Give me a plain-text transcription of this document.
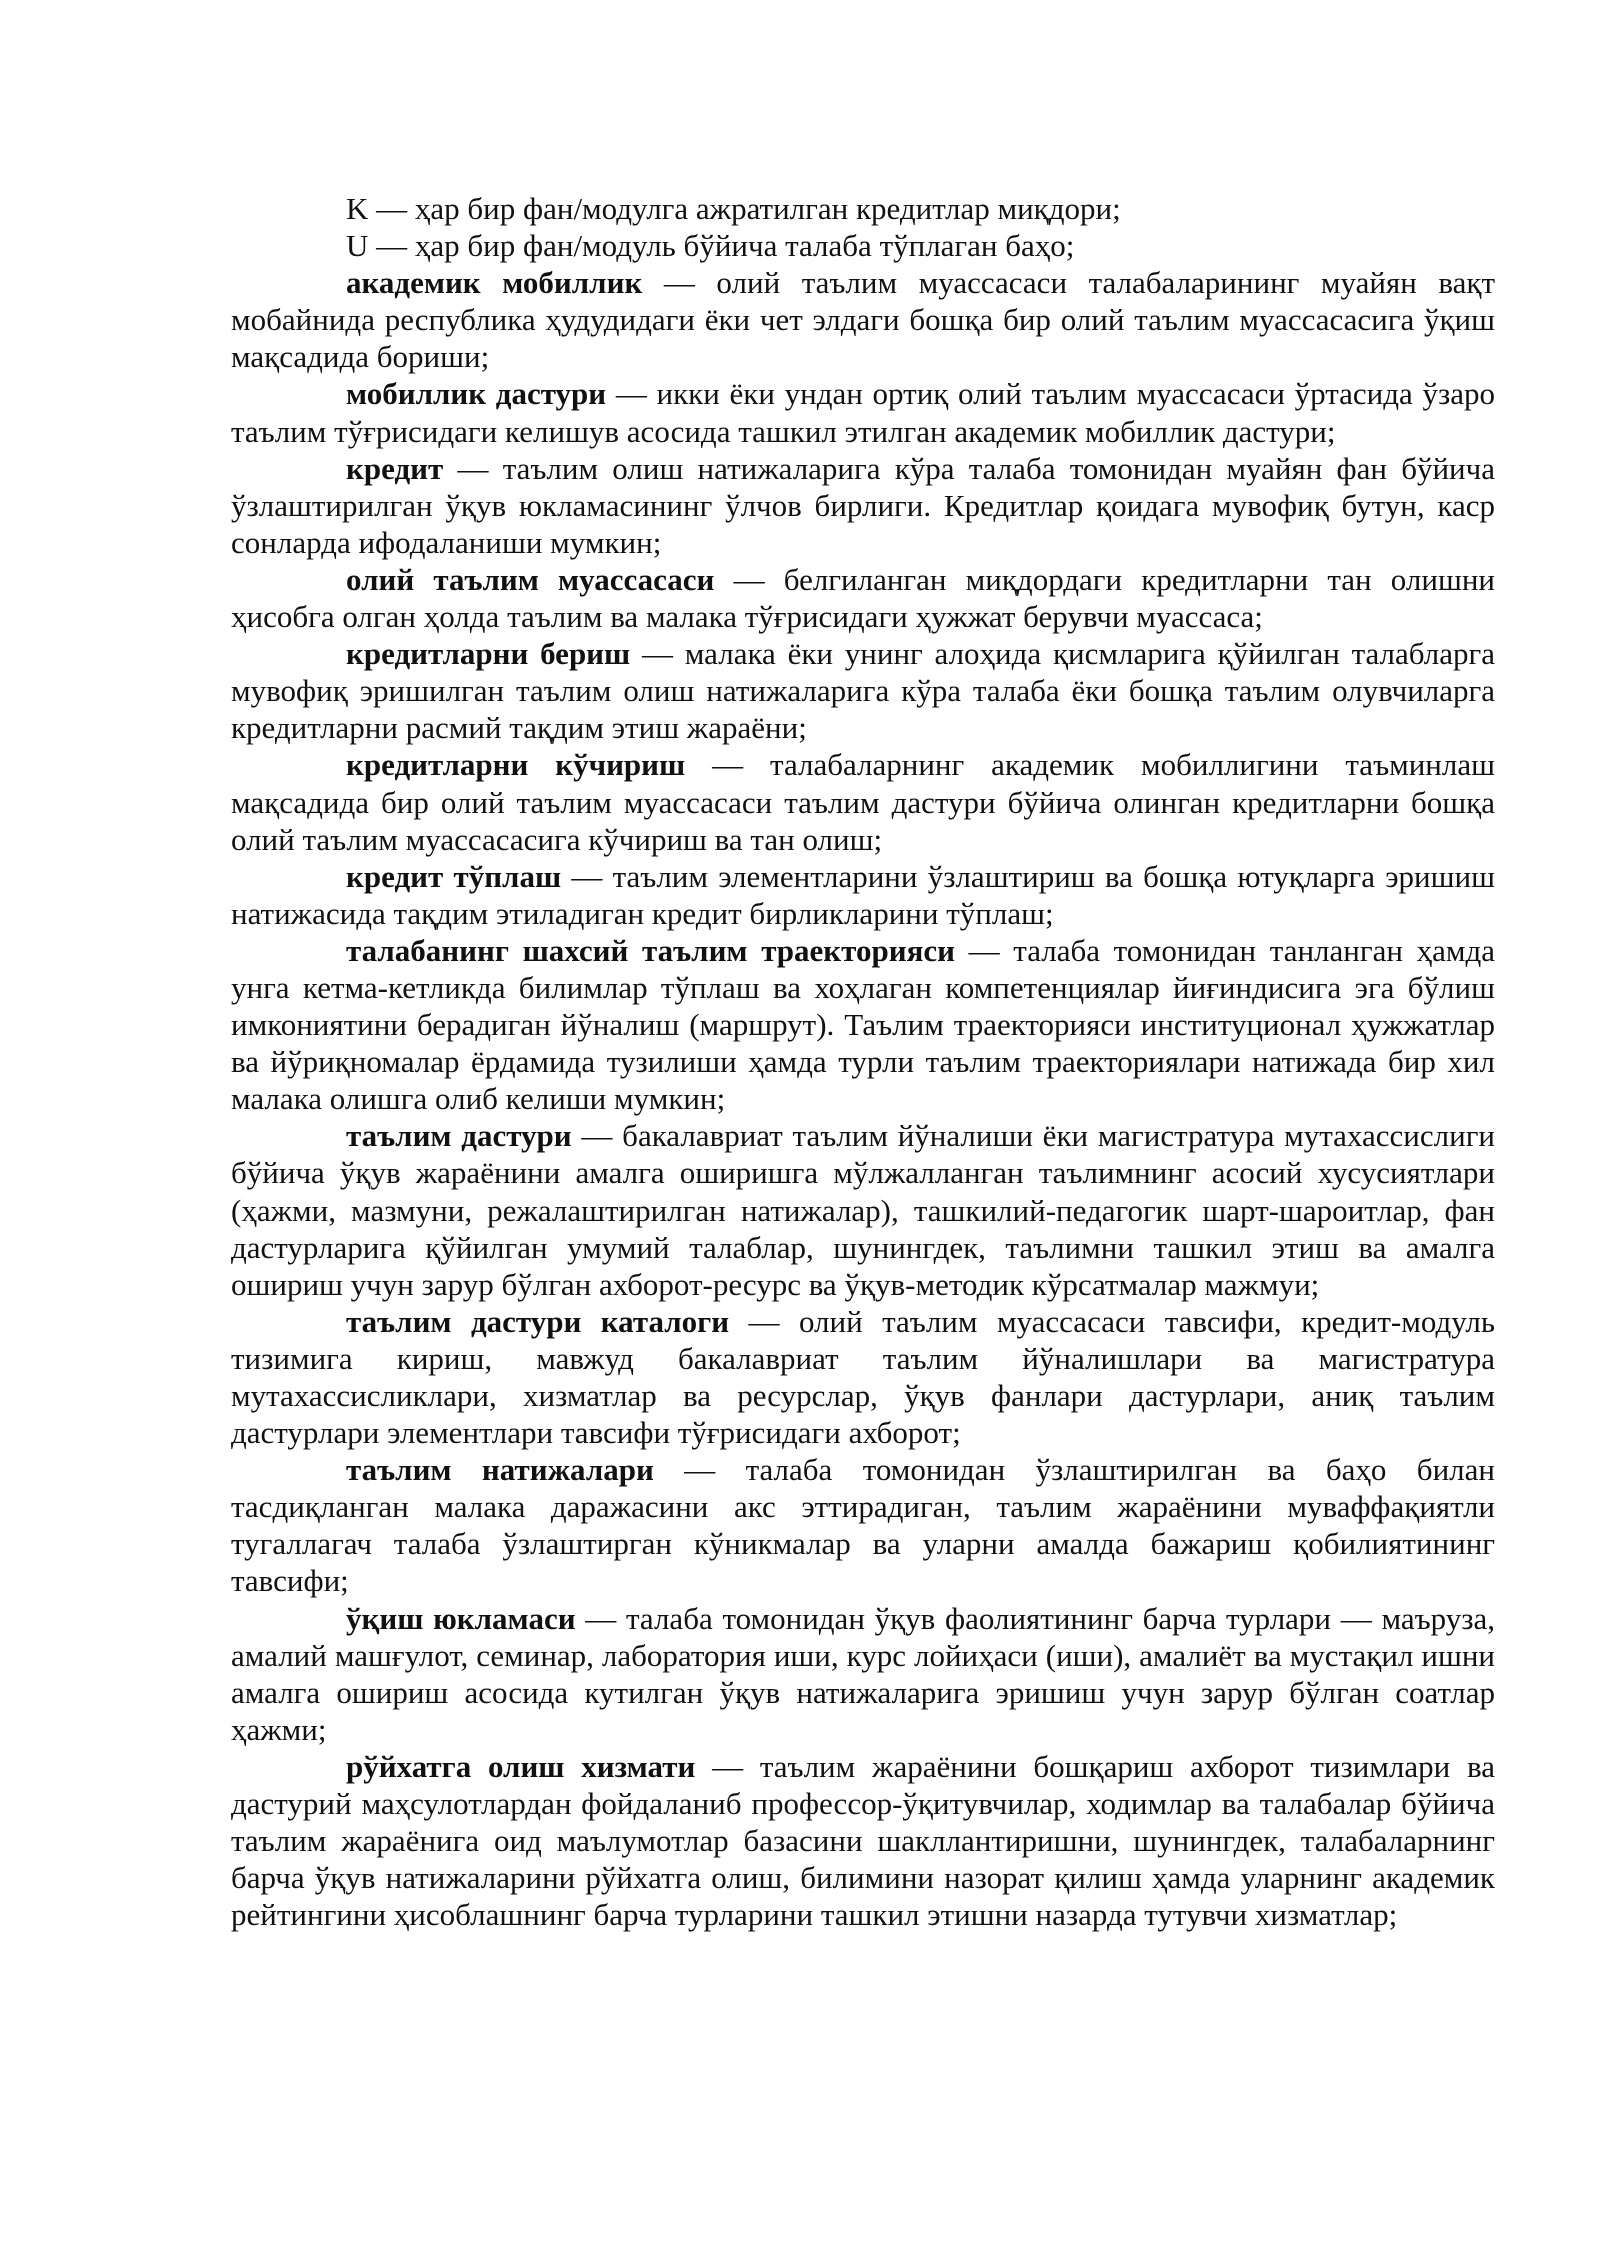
K — ҳар бир фан/модулга ажратилган кредитлар миқдори;

U — ҳар бир фан/модуль бўйича талаба тўплаган баҳо;

академик мобиллик — олий таълим муассасаси талабаларининг муайян вақт мобайнида республика ҳудудидаги ёки чет элдаги бошқа бир олий таълим муассасасига ўқиш мақсадида бориши;

мобиллик дастури — икки ёки ундан ортиқ олий таълим муассасаси ўртасида ўзаро таълим тўғрисидаги келишув асосида ташкил этилган академик мобиллик дастури;

кредит — таълим олиш натижаларига кўра талаба томонидан муайян фан бўйича ўзлаштирилган ўқув юкламасининг ўлчов бирлиги. Кредитлар қоидага мувофиқ бутун, каср сонларда ифодаланиши мумкин;

олий таълим муассасаси — белгиланган миқдордаги кредитларни тан олишни ҳисобга олган ҳолда таълим ва малака тўғрисидаги ҳужжат берувчи муассаса;

кредитларни бериш — малака ёки унинг алоҳида қисмларига қўйилган талабларга мувофиқ эришилган таълим олиш натижаларига кўра талаба ёки бошқа таълим олувчиларга кредитларни расмий тақдим этиш жараёни;

кредитларни кўчириш — талабаларнинг академик мобиллигини таъминлаш мақсадида бир олий таълим муассасаси таълим дастури бўйича олинган кредитларни бошқа олий таълим муассасасига кўчириш ва тан олиш;

кредит тўплаш — таълим элементларини ўзлаштириш ва бошқа ютуқларга эришиш натижасида тақдим этиладиган кредит бирликларини тўплаш;

талабанинг шахсий таълим траекторияси — талаба томонидан танланган ҳамда унга кетма-кетликда билимлар тўплаш ва хоҳлаган компетенциялар йиғиндисига эга бўлиш имкониятини берадиган йўналиш (маршрут). Таълим траекторияси институционал ҳужжатлар ва йўриқномалар ёрдамида тузилиши ҳамда турли таълим траекториялари натижада бир хил малака олишга олиб келиши мумкин;

таълим дастури — бакалавриат таълим йўналиши ёки магистратура мутахассислиги бўйича ўқув жараёнини амалга оширишга мўлжалланган таълимнинг асосий хусусиятлари (ҳажми, мазмуни, режалаштирилган натижалар), ташкилий-педагогик шарт-шароитлар, фан дастурларига қўйилган умумий талаблар, шунингдек, таълимни ташкил этиш ва амалга ошириш учун зарур бўлган ахборот-ресурс ва ўқув-методик кўрсатмалар мажмуи;

таълим дастури каталоги — олий таълим муассасаси тавсифи, кредит-модуль тизимига кириш, мавжуд бакалавриат таълим йўналишлари ва магистратура мутахассисликлари, хизматлар ва ресурслар, ўқув фанлари дастурлари, аниқ таълим дастурлари элементлари тавсифи тўғрисидаги ахборот;

таълим натижалари — талаба томонидан ўзлаштирилган ва баҳо билан тасдиқланган малака даражасини акс эттирадиган, таълим жараёнини муваффақиятли тугаллагач талаба ўзлаштирган кўникмалар ва уларни амалда бажариш қобилиятининг тавсифи;

ўқиш юкламаси — талаба томонидан ўқув фаолиятининг барча турлари — маъруза, амалий машғулот, семинар, лаборатория иши, курс лойиҳаси (иши), амалиёт ва мустақил ишни амалга ошириш асосида кутилган ўқув натижаларига эришиш учун зарур бўлган соатлар ҳажми;

рўйхатга олиш хизмати — таълим жараёнини бошқариш ахборот тизимлари ва дастурий маҳсулотлардан фойдаланиб профессор-ўқитувчилар, ходимлар ва талабалар бўйича таълим жараёнига оид маълумотлар базасини шакллантиришни, шунингдек, талабаларнинг барча ўқув натижаларини рўйхатга олиш, билимини назорат қилиш ҳамда уларнинг академик рейтингини ҳисоблашнинг барча турларини ташкил этишни назарда тутувчи хизматлар;
